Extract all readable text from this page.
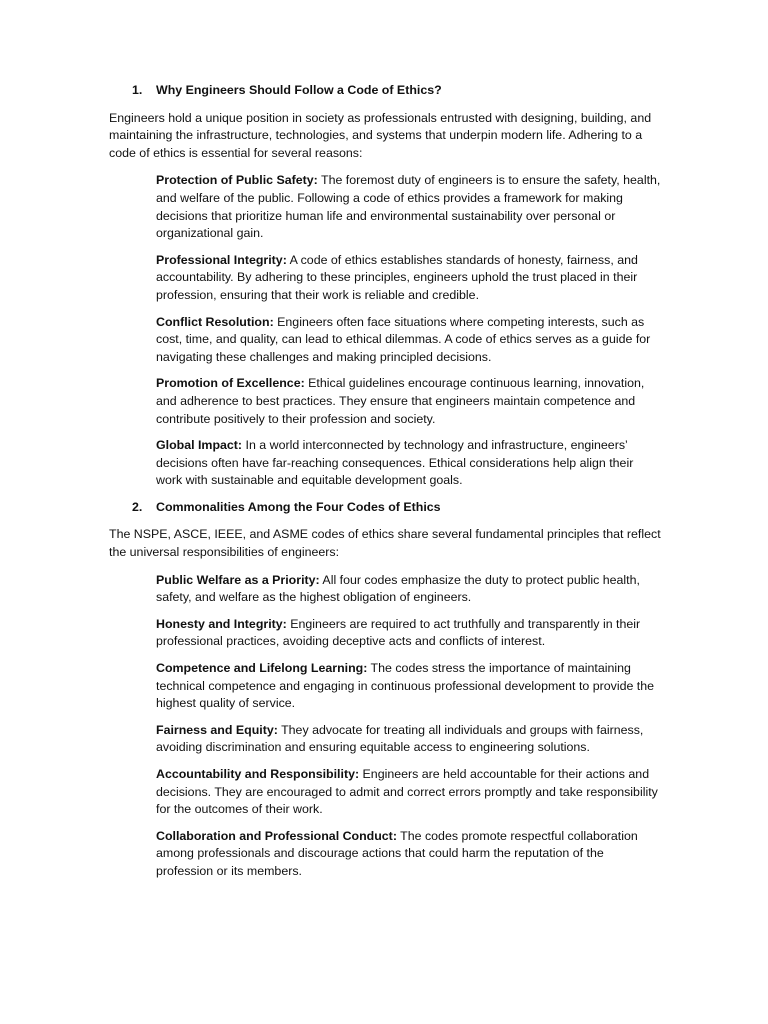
1.	Why Engineers Should Follow a Code of Ethics?

Engineers hold a unique position in society as professionals entrusted with designing, building, and maintaining the infrastructure, technologies, and systems that underpin modern life. Adhering to a code of ethics is essential for several reasons:

Protection of Public Safety: The foremost duty of engineers is to ensure the safety, health, and welfare of the public. Following a code of ethics provides a framework for making decisions that prioritize human life and environmental sustainability over personal or organizational gain.

Professional Integrity: A code of ethics establishes standards of honesty, fairness, and accountability. By adhering to these principles, engineers uphold the trust placed in their profession, ensuring that their work is reliable and credible.

Conflict Resolution: Engineers often face situations where competing interests, such as cost, time, and quality, can lead to ethical dilemmas. A code of ethics serves as a guide for navigating these challenges and making principled decisions.

Promotion of Excellence: Ethical guidelines encourage continuous learning, innovation, and adherence to best practices. They ensure that engineers maintain competence and contribute positively to their profession and society.

Global Impact: In a world interconnected by technology and infrastructure, engineers’ decisions often have far-reaching consequences. Ethical considerations help align their work with sustainable and equitable development goals.

2.	Commonalities Among the Four Codes of Ethics

The NSPE, ASCE, IEEE, and ASME codes of ethics share several fundamental principles that reflect the universal responsibilities of engineers:

Public Welfare as a Priority: All four codes emphasize the duty to protect public health, safety, and welfare as the highest obligation of engineers.

Honesty and Integrity: Engineers are required to act truthfully and transparently in their professional practices, avoiding deceptive acts and conflicts of interest.

Competence and Lifelong Learning: The codes stress the importance of maintaining technical competence and engaging in continuous professional development to provide the highest quality of service.

Fairness and Equity: They advocate for treating all individuals and groups with fairness, avoiding discrimination and ensuring equitable access to engineering solutions.

Accountability and Responsibility: Engineers are held accountable for their actions and decisions. They are encouraged to admit and correct errors promptly and take responsibility for the outcomes of their work.

Collaboration and Professional Conduct: The codes promote respectful collaboration among professionals and discourage actions that could harm the reputation of the profession or its members.
